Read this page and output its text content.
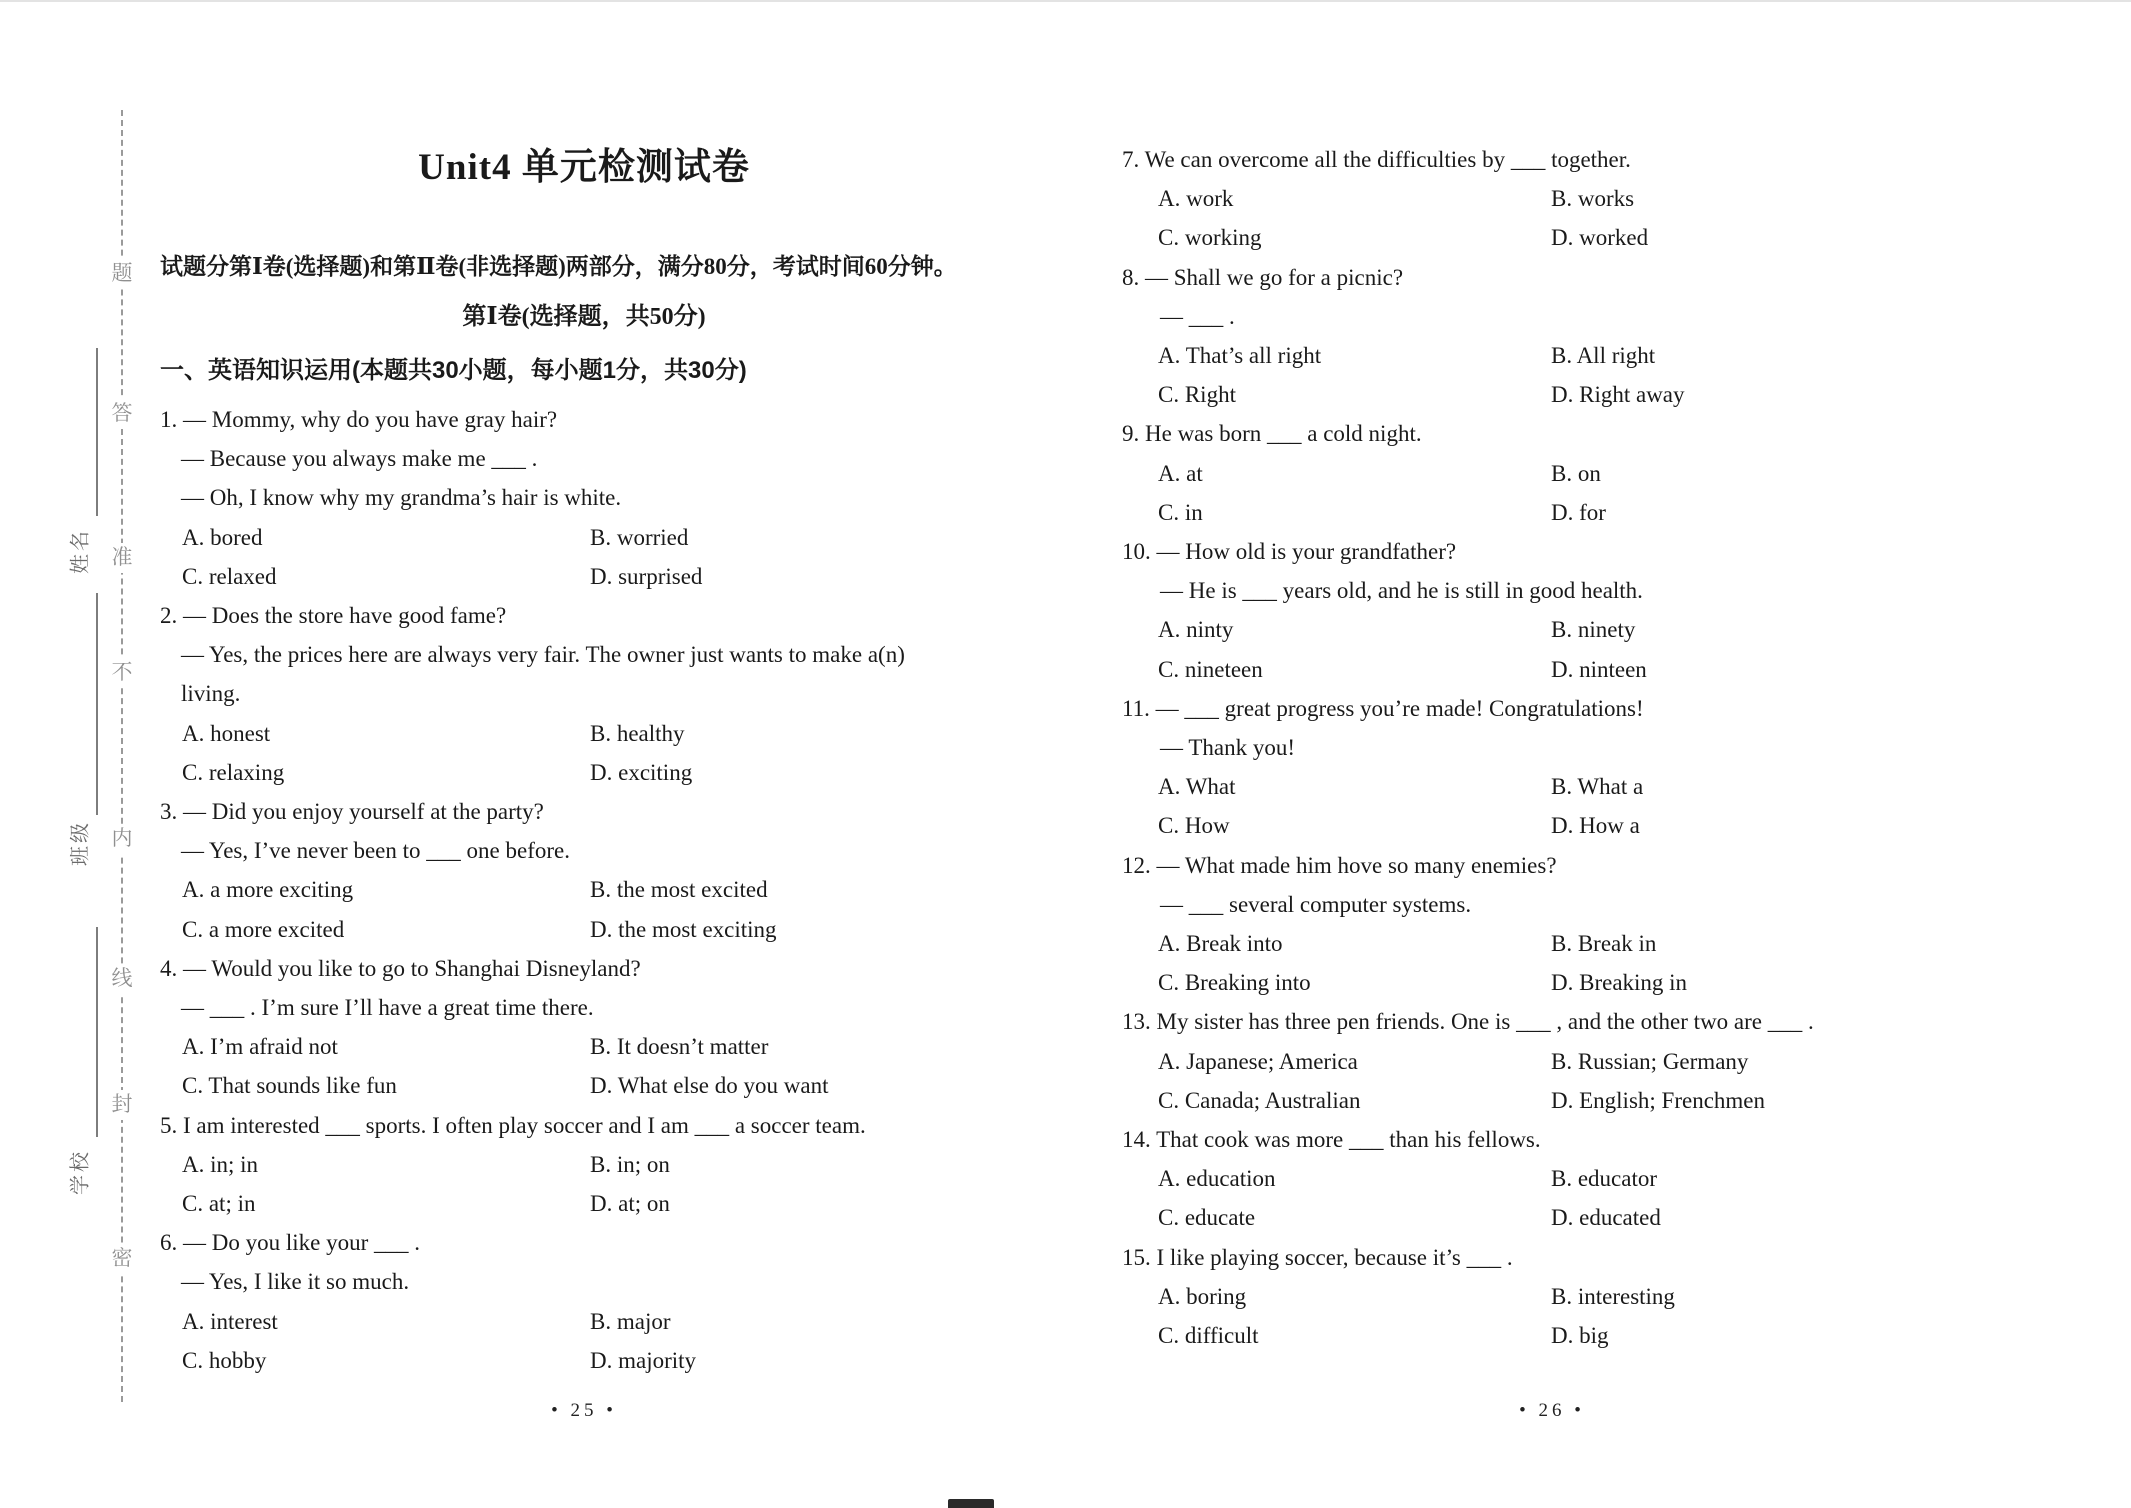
题
答
准
不
内
线
封
密
姓名
班级
学校
Unit4 单元检测试卷

试题分第Ⅰ卷(选择题)和第Ⅱ卷(非选择题)两部分，满分80分，考试时间60分钟。

第Ⅰ卷(选择题，共50分)

一、英语知识运用(本题共30小题，每小题1分，共30分)

1. — Mommy, why do you have gray hair?
— Because you always make me ___ .
— Oh, I know why my grandma’s hair is white.
A. bored	B. worried
C. relaxed	D. surprised
2. — Does the store have good fame?
— Yes, the prices here are always very fair. The owner just wants to make a(n)
living.
A. honest	B. healthy
C. relaxing	D. exciting
3. — Did you enjoy yourself at the party?
— Yes, I’ve never been to ___ one before.
A. a more exciting	B. the most excited
C. a more excited	D. the most exciting
4. — Would you like to go to Shanghai Disneyland?
— ___ . I’m sure I’ll have a great time there.
A. I’m afraid not	B. It doesn’t matter
C. That sounds like fun	D. What else do you want
5. I am interested ___ sports. I often play soccer and I am ___ a soccer team.
A. in; in	B. in; on
C. at; in	D. at; on
6. — Do you like your ___ .
— Yes, I like it so much.
A. interest	B. major
C. hobby	D. majority
• 25 •
7. We can overcome all the difficulties by ___ together.
A. work	B. works
C. working	D. worked
8. — Shall we go for a picnic?
— ___ .
A. That’s all right	B. All right
C. Right	D. Right away
9. He was born ___ a cold night.
A. at	B. on
C. in	D. for
10. — How old is your grandfather?
— He is ___ years old, and he is still in good health.
A. ninty	B. ninety
C. nineteen	D. ninteen
11. — ___ great progress you’re made! Congratulations!
— Thank you!
A. What	B. What a
C. How	D. How a
12. — What made him hove so many enemies?
— ___ several computer systems.
A. Break into	B. Break in
C. Breaking into	D. Breaking in
13. My sister has three pen friends. One is ___ , and the other two are ___ .
A. Japanese; America	B. Russian; Germany
C. Canada; Australian	D. English; Frenchmen
14. That cook was more ___ than his fellows.
A. education	B. educator
C. educate	D. educated
15. I like playing soccer, because it’s ___ .
A. boring	B. interesting
C. difficult	D. big
• 26 •
